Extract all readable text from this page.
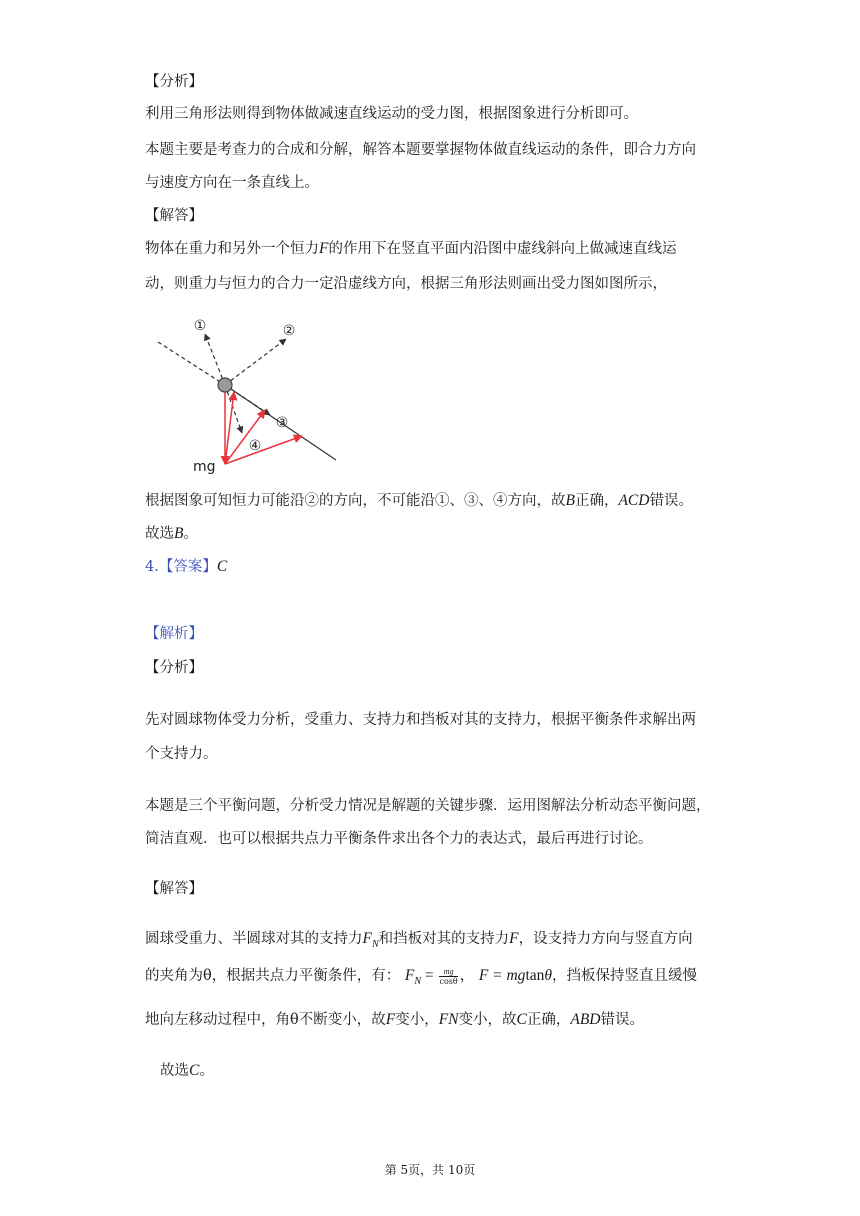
【分析】
利用三角形法则得到物体做减速直线运动的受力图，根据图象进行分析即可。
本题主要是考查力的合成和分解，解答本题要掌握物体做直线运动的条件，即合力方向
与速度方向在一条直线上。
【解答】
物体在重力和另外一个恒力F的作用下在竖直平面内沿图中虚线斜向上做减速直线运
动，则重力与恒力的合力一定沿虚线方向，根据三角形法则画出受力图如图所示，
①	②
③
④
mg
根据图象可知恒力可能沿②的方向，不可能沿①、③、④方向，故B正确，ACD错误。
故选B。
4.【答案】C
【解析】
【分析】
先对圆球物体受力分析，受重力、支持力和挡板对其的支持力，根据平衡条件求解出两
个支持力。
本题是三个平衡问题，分析受力情况是解题的关键步骤．运用图解法分析动态平衡问题，
简洁直观．也可以根据共点力平衡条件求出各个力的表达式，最后再进行讨论。
【解答】
圆球受重力、半圆球对其的支持力$F_N$和挡板对其的支持力F，设支持力方向与竖直方向
的夹角为θ，根据共点力平衡条件，有： $F_N = \frac{mg}{\cos\theta}$ ， F = mgtanθ，挡板保持竖直且缓慢
地向左移动过程中，角θ不断变小，故F变小，FN变小，故C正确，ABD错误。
故选C。
第 5页，共 10页
